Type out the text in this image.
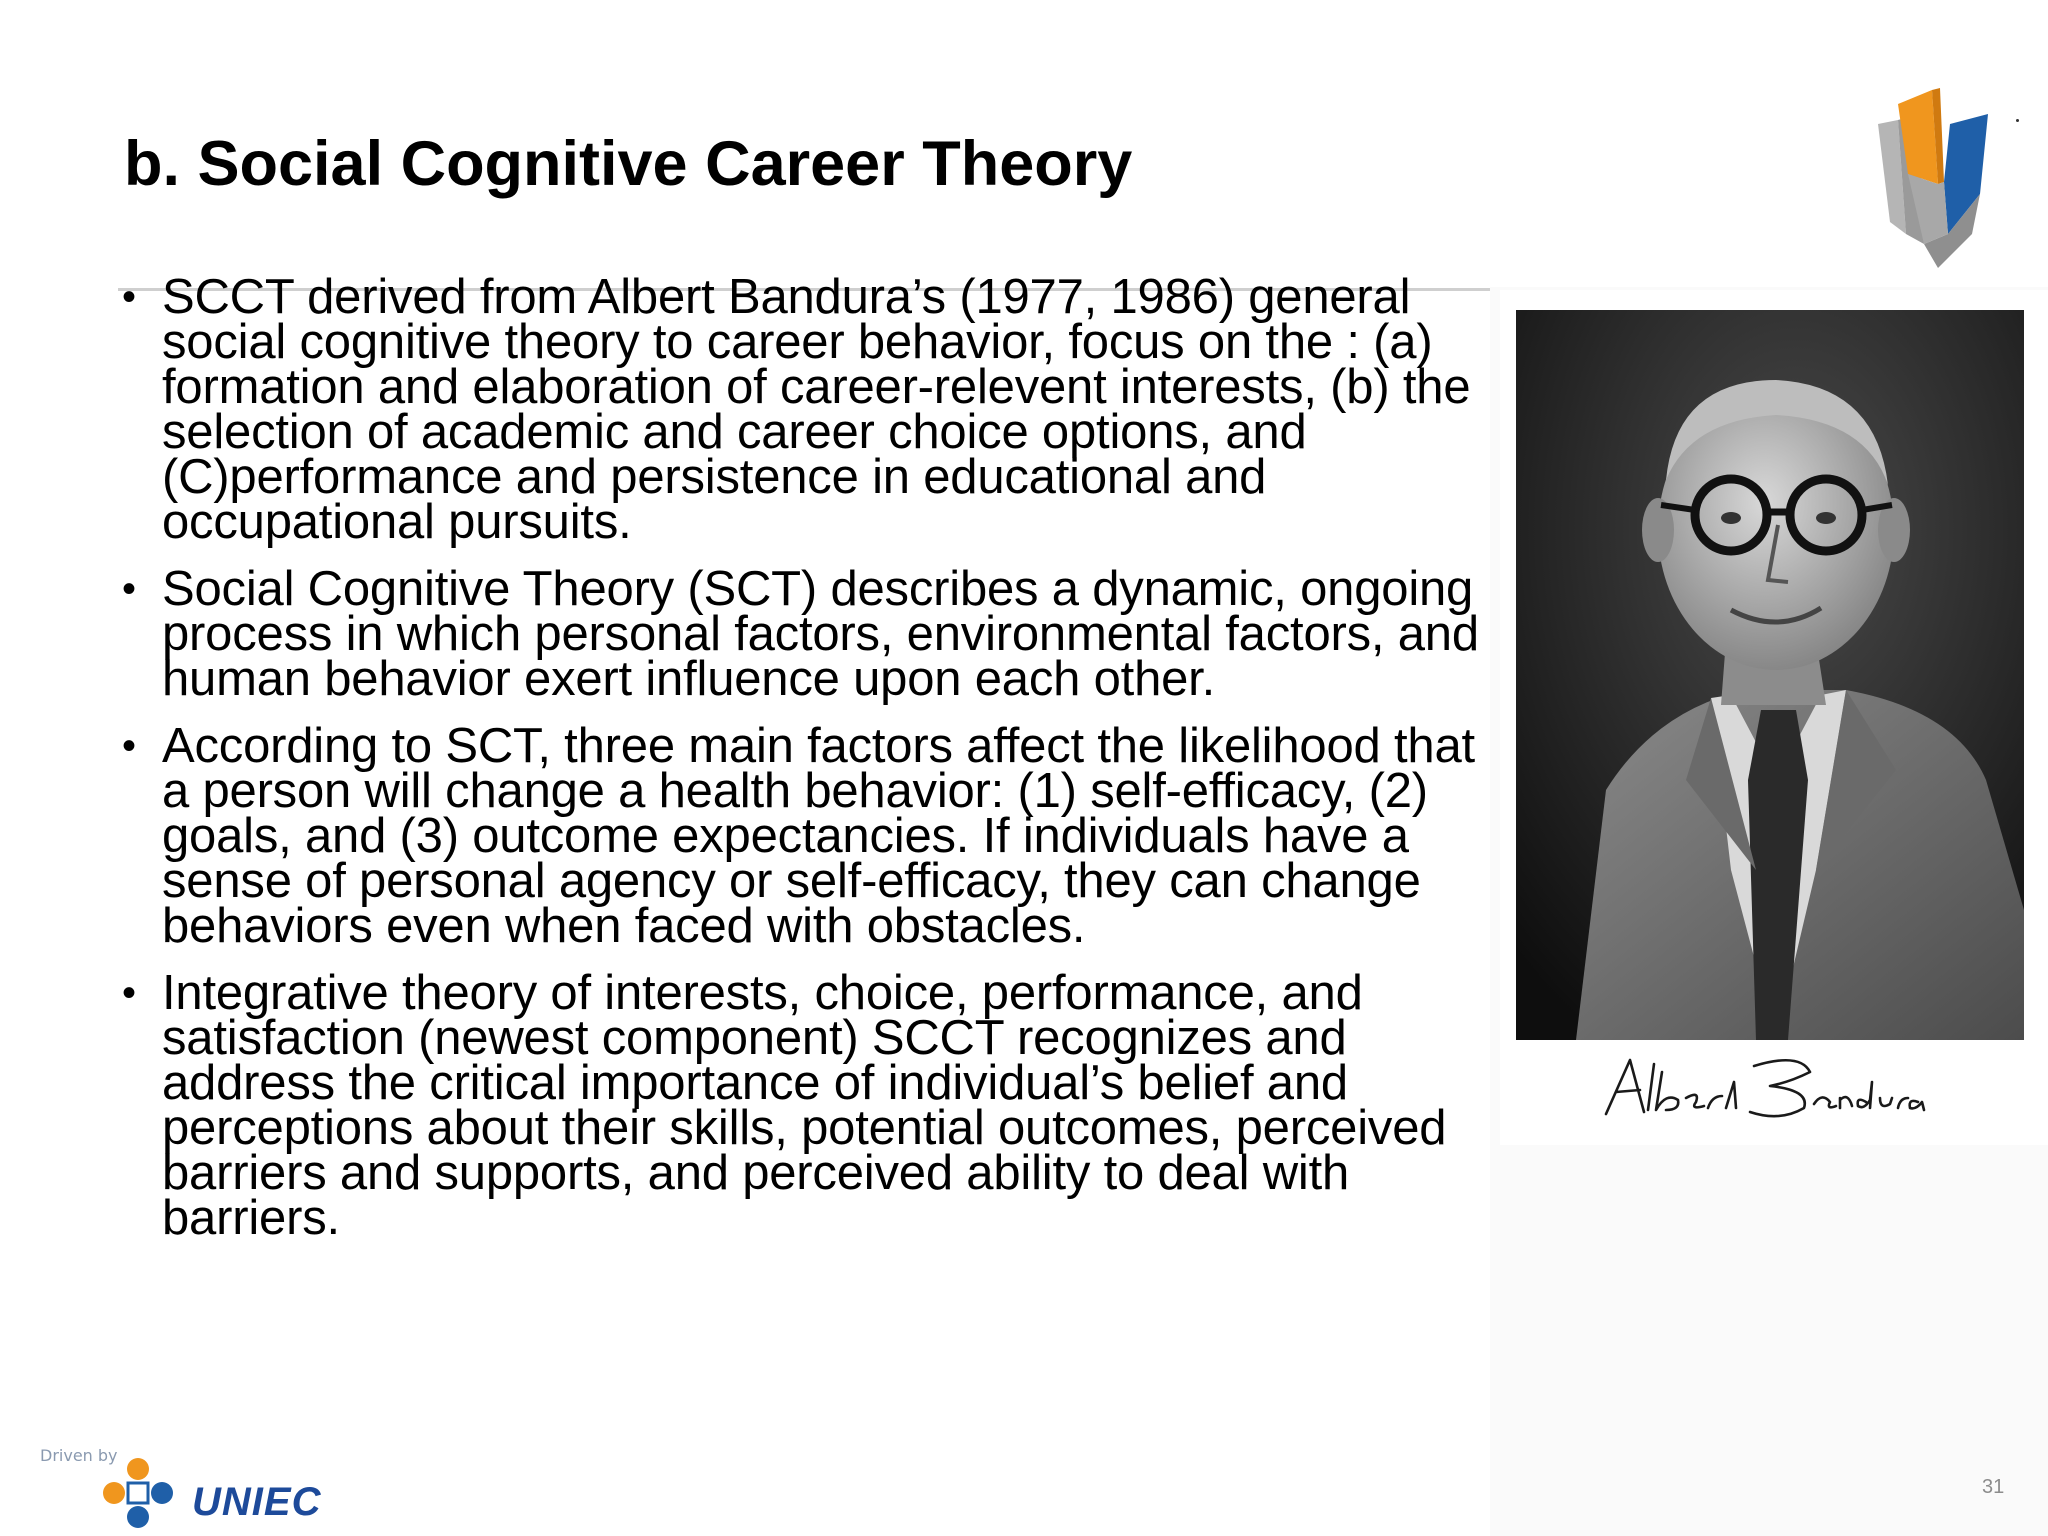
b. Social Cognitive Career Theory
• SCCT derived from Albert Bandura’s (1977, 1986) general social cognitive theory to career behavior, focus on the : (a) formation and elaboration of career-relevent interests, (b) the selection of academic and career choice options, and (C)performance and persistence in educational and occupational pursuits.
• Social Cognitive Theory (SCT) describes a dynamic, ongoing process in which personal factors, environmental factors, and human behavior exert influence upon each other.
• According to SCT, three main factors affect the likelihood that a person will change a health behavior: (1) self-efficacy, (2) goals, and (3) outcome expectancies. If individuals have a sense of personal agency or self-efficacy, they can change behaviors even when faced with obstacles.
• Integrative theory of interests, choice, performance, and satisfaction (newest component) SCCT recognizes and address the critical importance of individual’s belief and perceptions about their skills, potential outcomes, perceived barriers and supports, and perceived ability to deal with barriers.
Driven by
UNIEC	31
